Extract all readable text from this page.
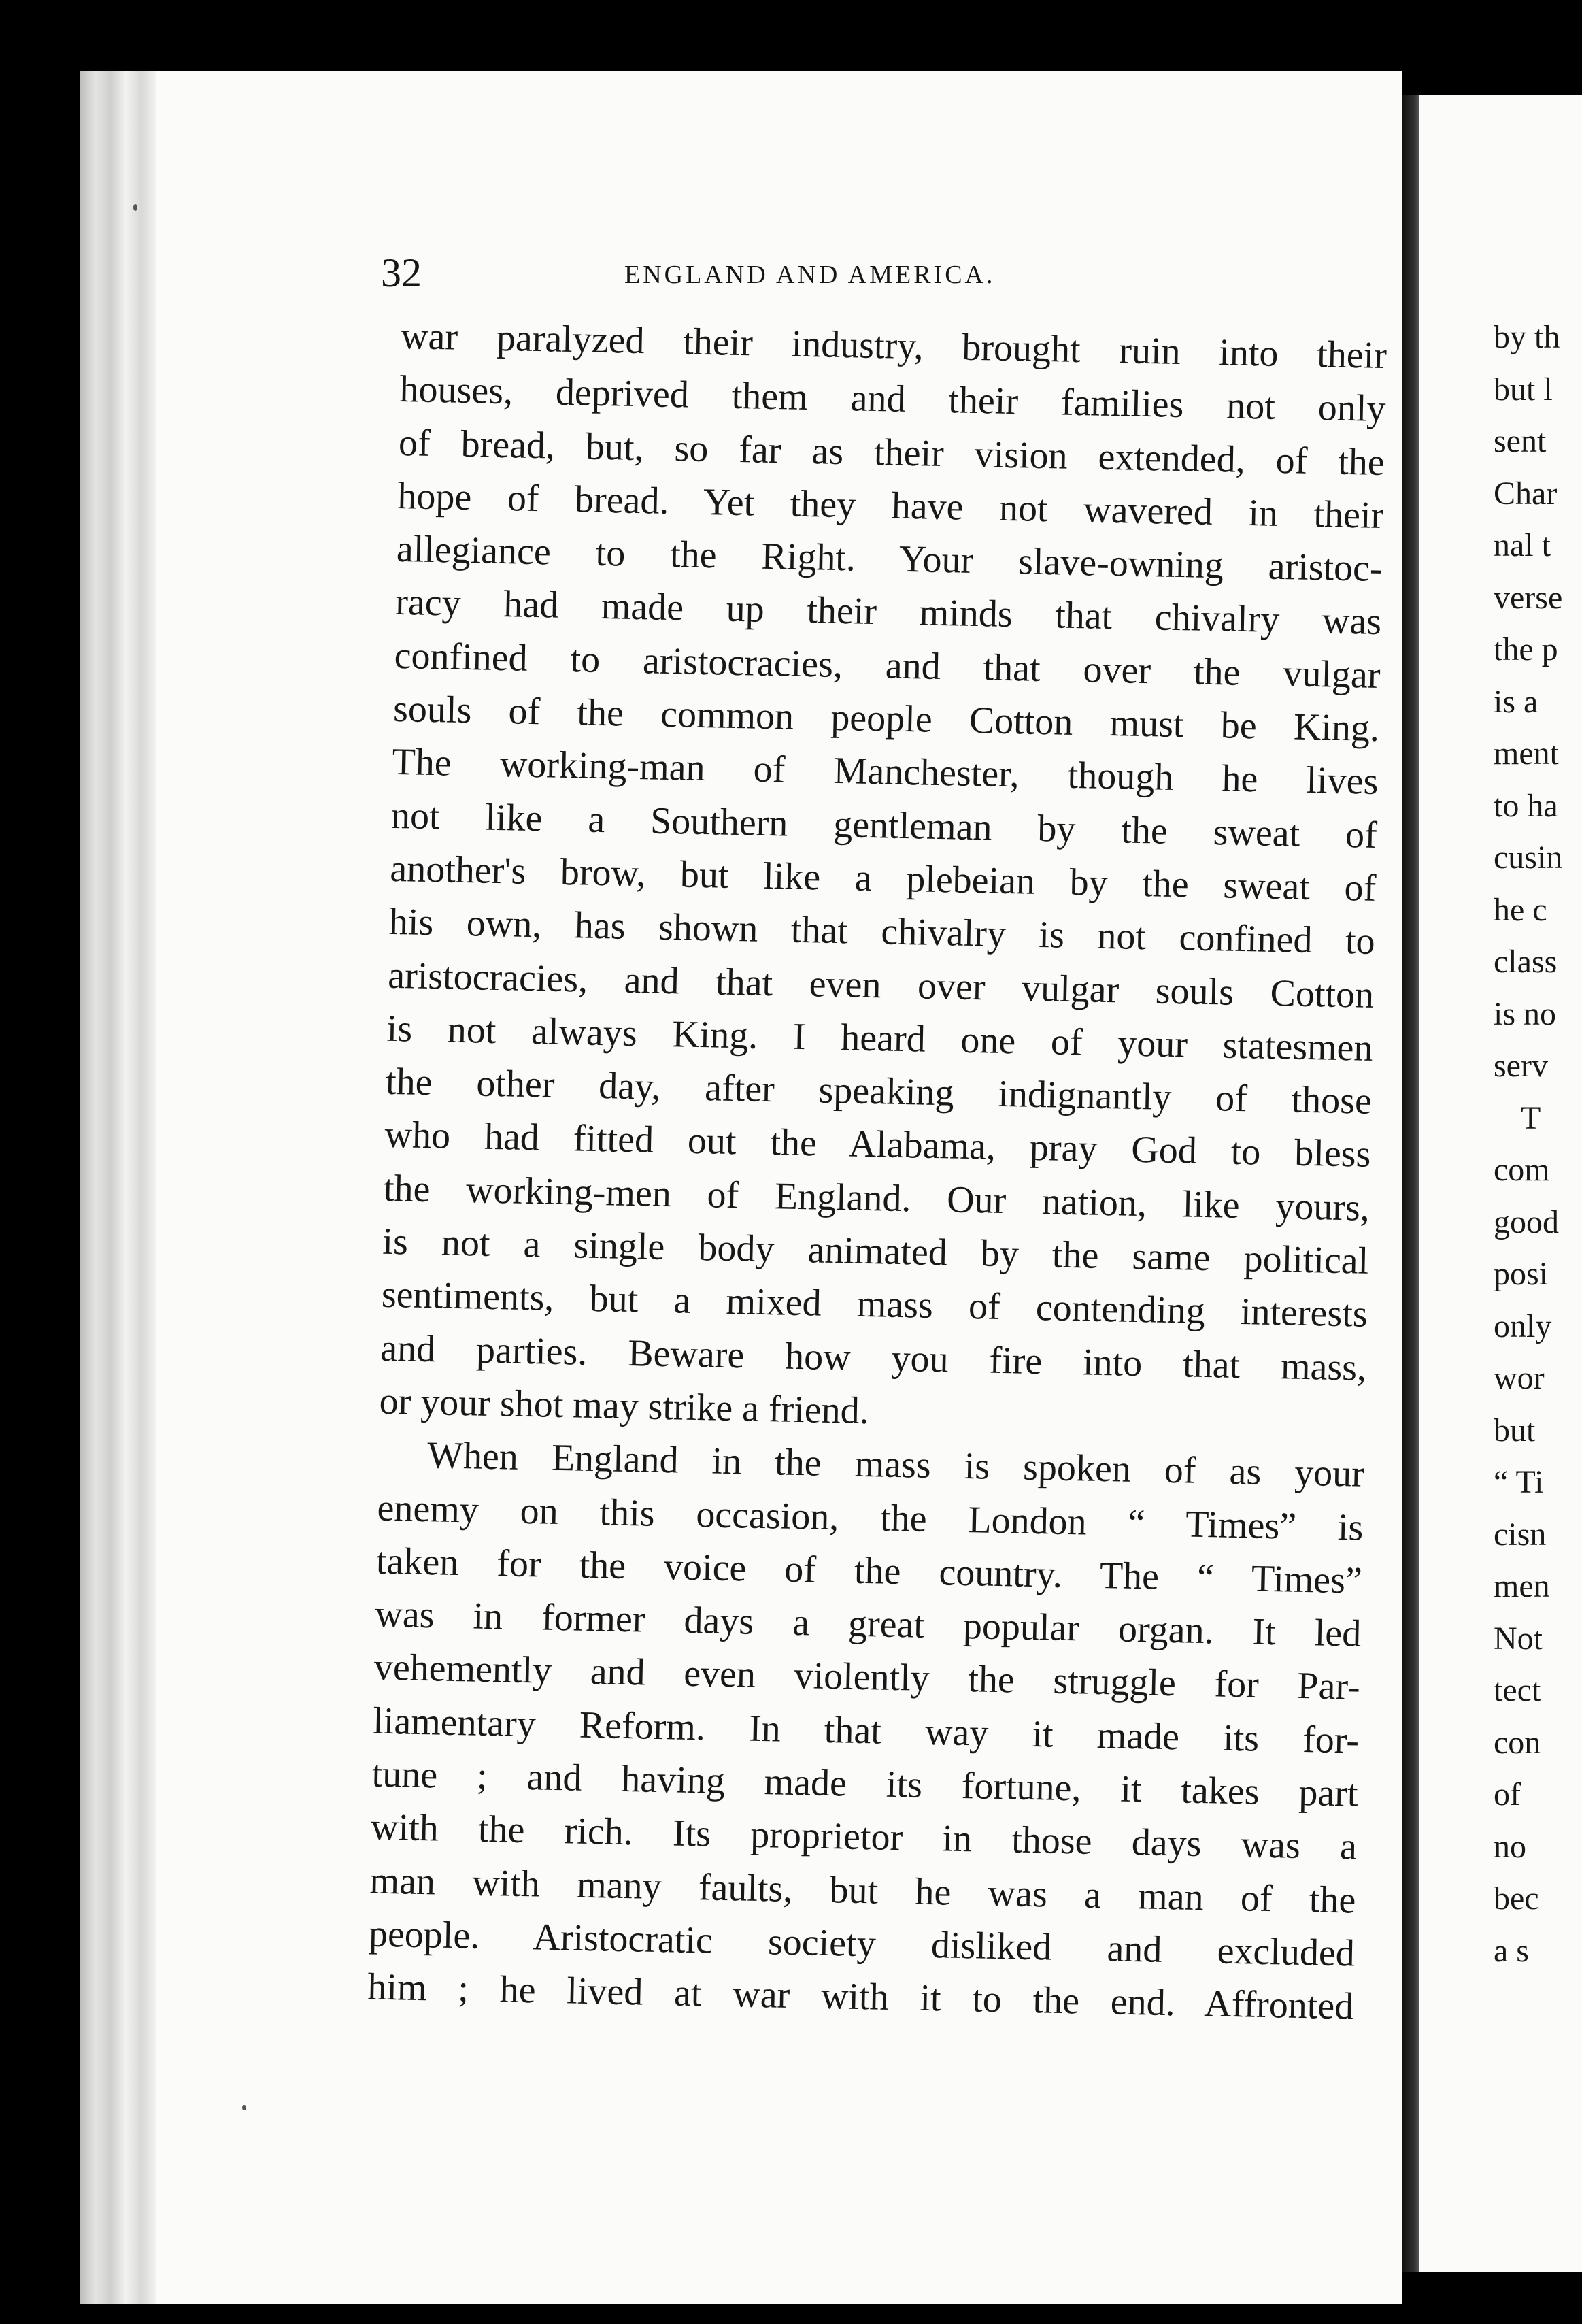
32	ENGLAND AND AMERICA.
war paralyzed their industry, brought ruin into their
houses, deprived them and their families not only
of bread, but, so far as their vision extended, of the
hope of bread. Yet they have not wavered in their
allegiance to the Right. Your slave-owning aristoc-
racy had made up their minds that chivalry was
confined to aristocracies, and that over the vulgar
souls of the common people Cotton must be King.
The working-man of Manchester, though he lives
not like a Southern gentleman by the sweat of
another's brow, but like a plebeian by the sweat of
his own, has shown that chivalry is not confined to
aristocracies, and that even over vulgar souls Cotton
is not always King. I heard one of your statesmen
the other day, after speaking indignantly of those
who had fitted out the Alabama, pray God to bless
the working-men of England. Our nation, like yours,
is not a single body animated by the same political
sentiments, but a mixed mass of contending interests
and parties. Beware how you fire into that mass,
or your shot may strike a friend.
When England in the mass is spoken of as your
enemy on this occasion, the London “ Times” is
taken for the voice of the country. The “ Times”
was in former days a great popular organ. It led
vehemently and even violently the struggle for Par-
liamentary Reform. In that way it made its for-
tune ; and having made its fortune, it takes part
with the rich. Its proprietor in those days was a
man with many faults, but he was a man of the
people. Aristocratic society disliked and excluded
him ; he lived at war with it to the end. Affronted
by th
but l
sent
Char
nal t
verse
the p
is a
ment
to ha
cusin
he c
class
is no
serv
T
com
good
posi
only
wor
but
“ Ti
cisn
men
Not
tect
con
of
no
bec
a s
